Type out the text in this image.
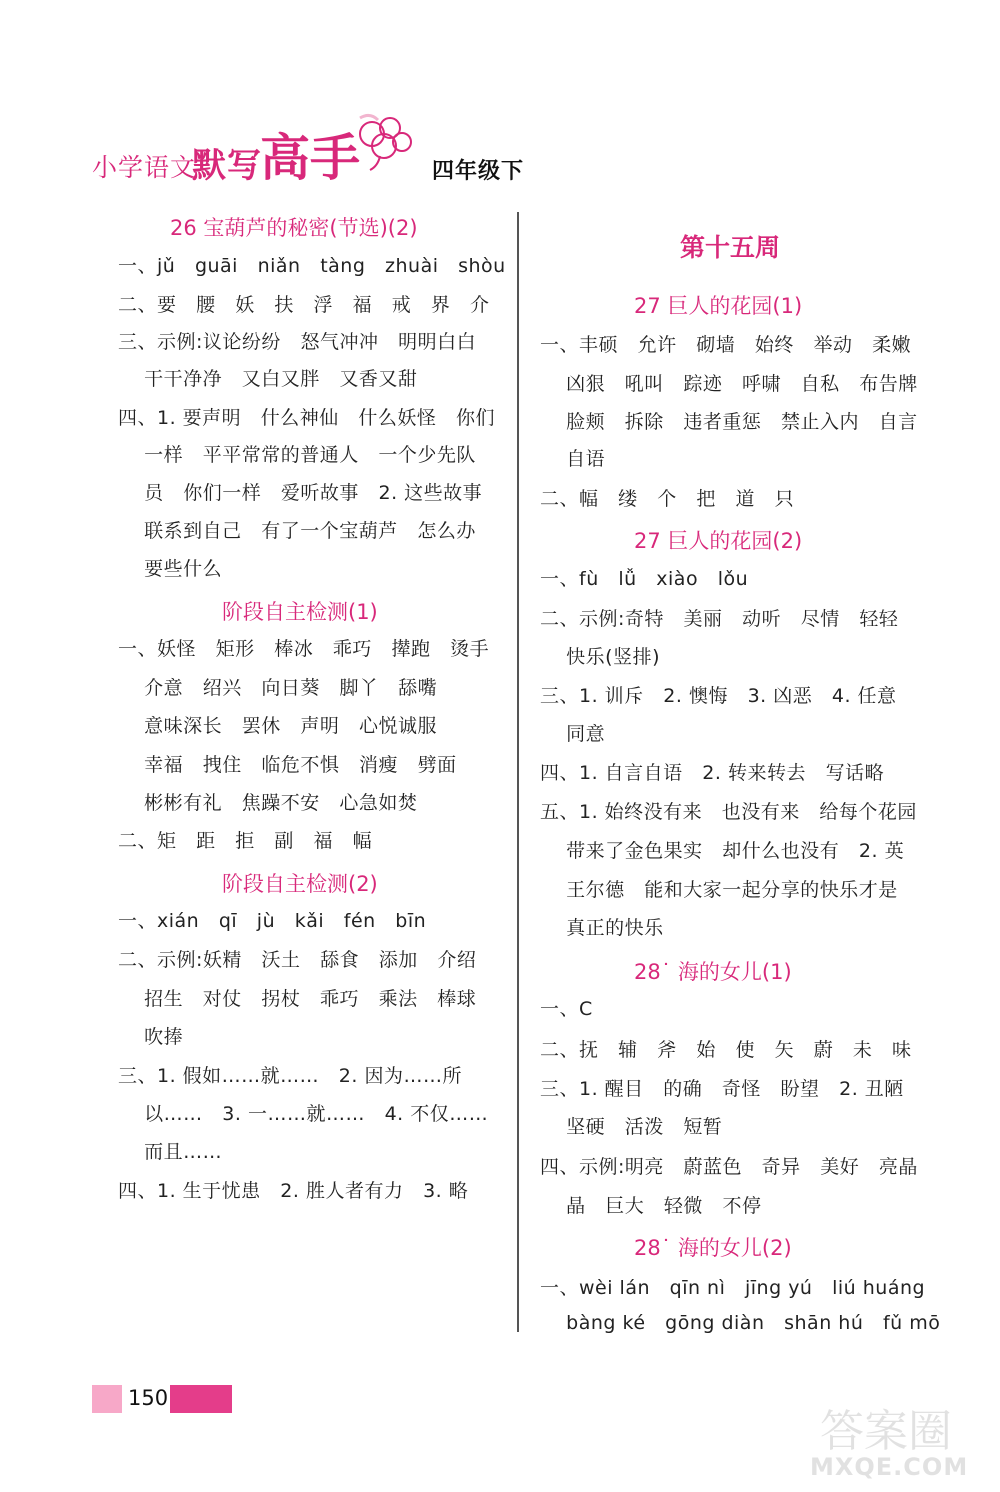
小学语文
默写
高手	四年级下
26 宝葫芦的秘密(节选)(2)
一、jǔ   guāi   niǎn   tàng   zhuài   shòu
二、要   腰   妖   扶   浮   福   戒   界   介
三、示例:议论纷纷   怒气冲冲   明明白白
干干净净   又白又胖   又香又甜
四、1. 要声明   什么神仙   什么妖怪   你们
一样   平平常常的普通人   一个少先队
员   你们一样   爱听故事   2. 这些故事
联系到自己   有了一个宝葫芦   怎么办
要些什么
阶段自主检测(1)
一、妖怪   矩形   棒冰   乖巧   撵跑   烫手
介意   绍兴   向日葵   脚丫   舔嘴
意味深长   罢休   声明   心悦诚服
幸福   拽住   临危不惧   消瘦   劈面
彬彬有礼   焦躁不安   心急如焚
二、矩   距   拒   副   福   幅
阶段自主检测(2)
一、xián   qī   jù   kǎi   fén   bīn
二、示例:妖精   沃土   舔食   添加   介绍
招生   对仗   拐杖   乖巧   乘法   棒球
吹捧
三、1. 假如……就……   2. 因为……所
以……   3. 一……就……   4. 不仅……
而且……
四、1. 生于忧患   2. 胜人者有力   3. 略
第十五周
27 巨人的花园(1)
一、丰硕   允许   砌墙   始终   举动   柔嫩
凶狠   吼叫   踪迹   呼啸   自私   布告牌
脸颊   拆除   违者重惩   禁止入内   自言
自语
二、幅   缕   个   把   道   只
27 巨人的花园(2)
一、fù   lǚ   xiào   lǒu
二、示例:奇特   美丽   动听   尽情   轻轻
快乐(竖排)
三、1. 训斥   2. 懊悔   3. 凶恶   4. 任意
同意
四、1. 自言自语   2. 转来转去   写话略
五、1. 始终没有来   也没有来   给每个花园
带来了金色果实   却什么也没有   2. 英
王尔德   能和大家一起分享的快乐才是
真正的快乐
28˙ 海的女儿(1)
一、C
二、抚   辅   斧   始   使   矢   蔚   未   味
三、1. 醒目   的确   奇怪   盼望   2. 丑陋
坚硬   活泼   短暂
四、示例:明亮   蔚蓝色   奇异   美好   亮晶
晶   巨大   轻微   不停
28˙ 海的女儿(2)
一、wèi lán   qīn nì   jīng yú   liú huáng
bàng ké   gōng diàn   shān hú   fǔ mō
150
答案圈
MXQE.COM
